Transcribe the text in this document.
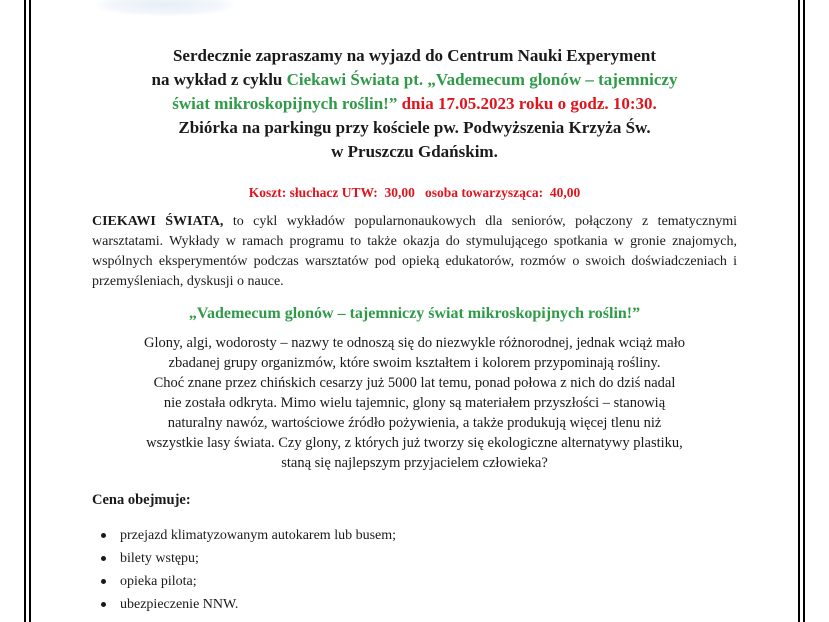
Serdecznie zapraszamy na wyjazd do Centrum Nauki Experyment
na wykład z cyklu Ciekawi Świata pt. „Vademecum glonów – tajemniczy
świat mikroskopijnych roślin!” dnia 17.05.2023 roku o godz. 10:30.
Zbiórka na parkingu przy kościele pw. Podwyższenia Krzyża Św.
w Pruszczu Gdańskim.
Koszt: słuchacz UTW:  30,00   osoba towarzysząca:  40,00
CIEKAWI ŚWIATA, to cykl wykładów popularnonaukowych dla seniorów, połączony z tematycznymi warsztatami. Wykłady w ramach programu to także okazja do stymulującego spotkania w gronie znajomych, wspólnych eksperymentów podczas warsztatów pod opieką edukatorów, rozmów o swoich doświadczeniach i przemyśleniach, dyskusji o nauce.
„Vademecum glonów – tajemniczy świat mikroskopijnych roślin!”
Glony, algi, wodorosty – nazwy te odnoszą się do niezwykle różnorodnej, jednak wciąż mało
zbadanej grupy organizmów, które swoim kształtem i kolorem przypominają rośliny.
Choć znane przez chińskich cesarzy już 5000 lat temu, ponad połowa z nich do dziś nadal
nie została odkryta. Mimo wielu tajemnic, glony są materiałem przyszłości – stanowią
naturalny nawóz, wartościowe źródło pożywienia, a także produkują więcej tlenu niż
wszystkie lasy świata. Czy glony, z których już tworzy się ekologiczne alternatywy plastiku,
staną się najlepszym przyjacielem człowieka?
Cena obejmuje:
przejazd klimatyzowanym autokarem lub busem;
bilety wstępu;
opieka pilota;
ubezpieczenie NNW.
